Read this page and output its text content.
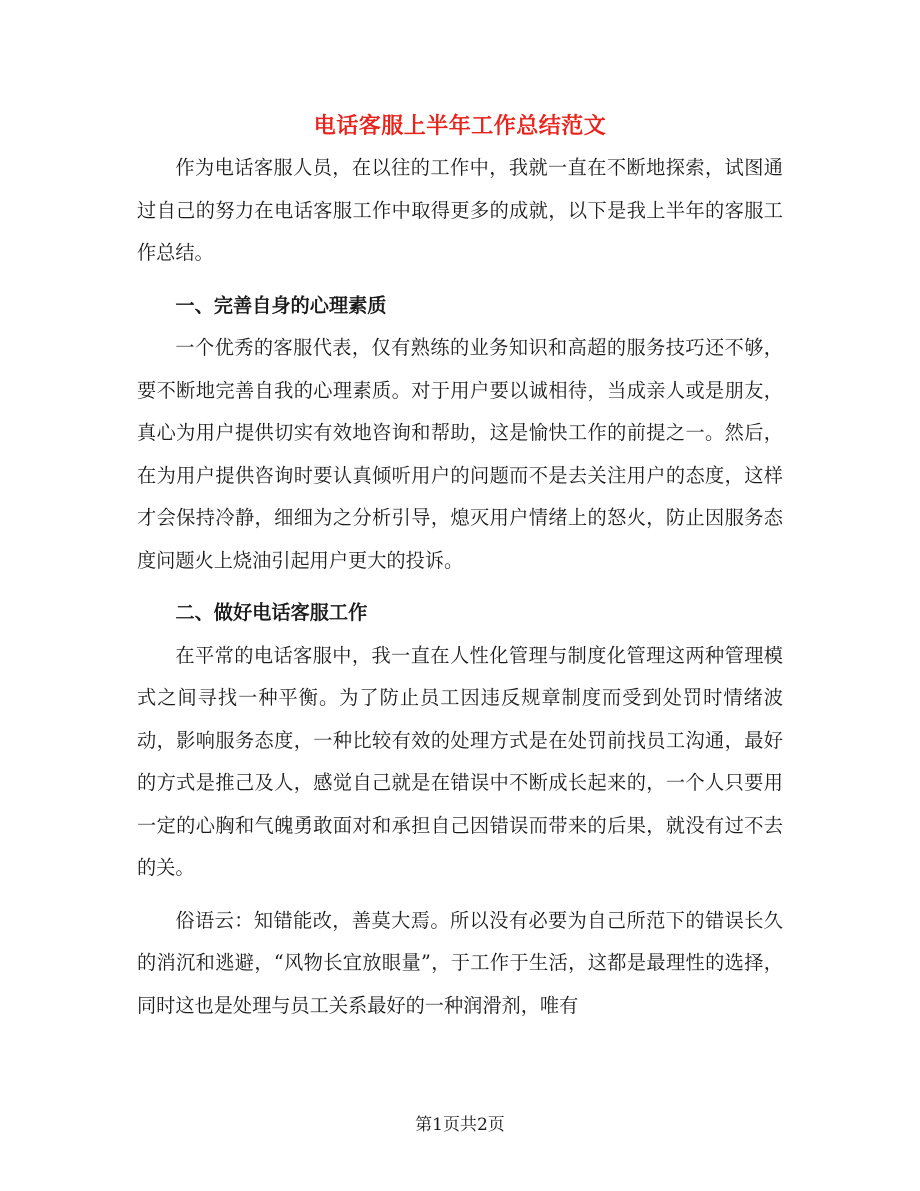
电话客服上半年工作总结范文

作为电话客服人员，在以往的工作中，我就一直在不断地探索，试图通过自己的努力在电话客服工作中取得更多的成就，以下是我上半年的客服工作总结。

一、完善自身的心理素质

一个优秀的客服代表，仅有熟练的业务知识和高超的服务技巧还不够，要不断地完善自我的心理素质。对于用户要以诚相待，当成亲人或是朋友，真心为用户提供切实有效地咨询和帮助，这是愉快工作的前提之一。然后，在为用户提供咨询时要认真倾听用户的问题而不是去关注用户的态度，这样才会保持冷静，细细为之分析引导，熄灭用户情绪上的怒火，防止因服务态度问题火上烧油引起用户更大的投诉。

二、做好电话客服工作

在平常的电话客服中，我一直在人性化管理与制度化管理这两种管理模式之间寻找一种平衡。为了防止员工因违反规章制度而受到处罚时情绪波动，影响服务态度，一种比较有效的处理方式是在处罚前找员工沟通，最好的方式是推己及人，感觉自己就是在错误中不断成长起来的，一个人只要用一定的心胸和气魄勇敢面对和承担自己因错误而带来的后果，就没有过不去的关。

俗语云：知错能改，善莫大焉。所以没有必要为自己所范下的错误长久的消沉和逃避，“风物长宜放眼量”，于工作于生活，这都是最理性的选择，同时这也是处理与员工关系最好的一种润滑剂，唯有

第1页共2页
